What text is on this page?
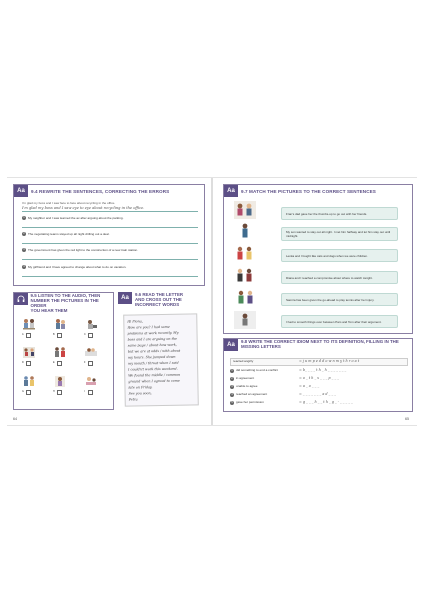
Aa	9.4 REWRITE THE SENTENCES, CORRECTING THE ERRORS
I'm glad my boss and I saw face to face about recycling in the office.
I'm glad my boss and I saw eye to eye about recycling in the office.
1	My neighbor and I saw learned the ax after arguing about the parking.
2	The negotiating teams stayed up all night drilling out a deal.
3	The government has given the red light to the construction of a new train station.
4	My girlfriend and I have agreed to change about what to do on vacation.
9.5 LISTEN TO THE AUDIO, THEN
NUMBER THE PICTURES IN THE ORDER
YOU HEAR THEM
A	B	C
D	E	F
G	H	I
Aa
9.6 READ THE LETTER
AND CROSS OUT THE
INCORRECT WORDS
Hi Fiona,
How are you? I had some
problems at work recently. My
boss and I are arguing on the
same page / about how work,
but we are at odds / with about
my hours. She jumped down
my mouth / throat when I said
I couldn't work this weekend.
We found the middle / common
ground when I agreed to come
late on Friday.
See you soon,
Petra
64
Aa	9.7 MATCH THE PICTURES TO THE CORRECT SENTENCES
Fran's dad gave her the thumbs-up to go out with her friends.
My son wanted to stay out all night. I met him halfway and let him stay out until midnight.
Lenka and I fought like cats and dogs when we were children.
Diana and I reached a compromise about where to watch tonight.
Samira has been given the go-ahead to play tennis after her injury.
I had to smooth things over between Pam and Tom after their argument.
Aa
9.8 WRITE THE CORRECT IDIOM NEXT TO ITS DEFINITION, FILLING IN THE
MISSING LETTERS
reacted angrily	= j u m p e d d o w n m y t h r o a t
1 did something to end a conflict	= b_ _ _ _ t h _ h _ _ _ _ _ _ _
2 in agreement	= o _ t h _ s _ _ _ p _ _ _
3 unable to agree	= a _ o _ _ _
4 reached an agreement	= _ _ _ _ _ _ _ a d _ _ _
5 gave her permission	= g _ _ _ h _ _ t h _ g _ - _ _ _ _ _
65
